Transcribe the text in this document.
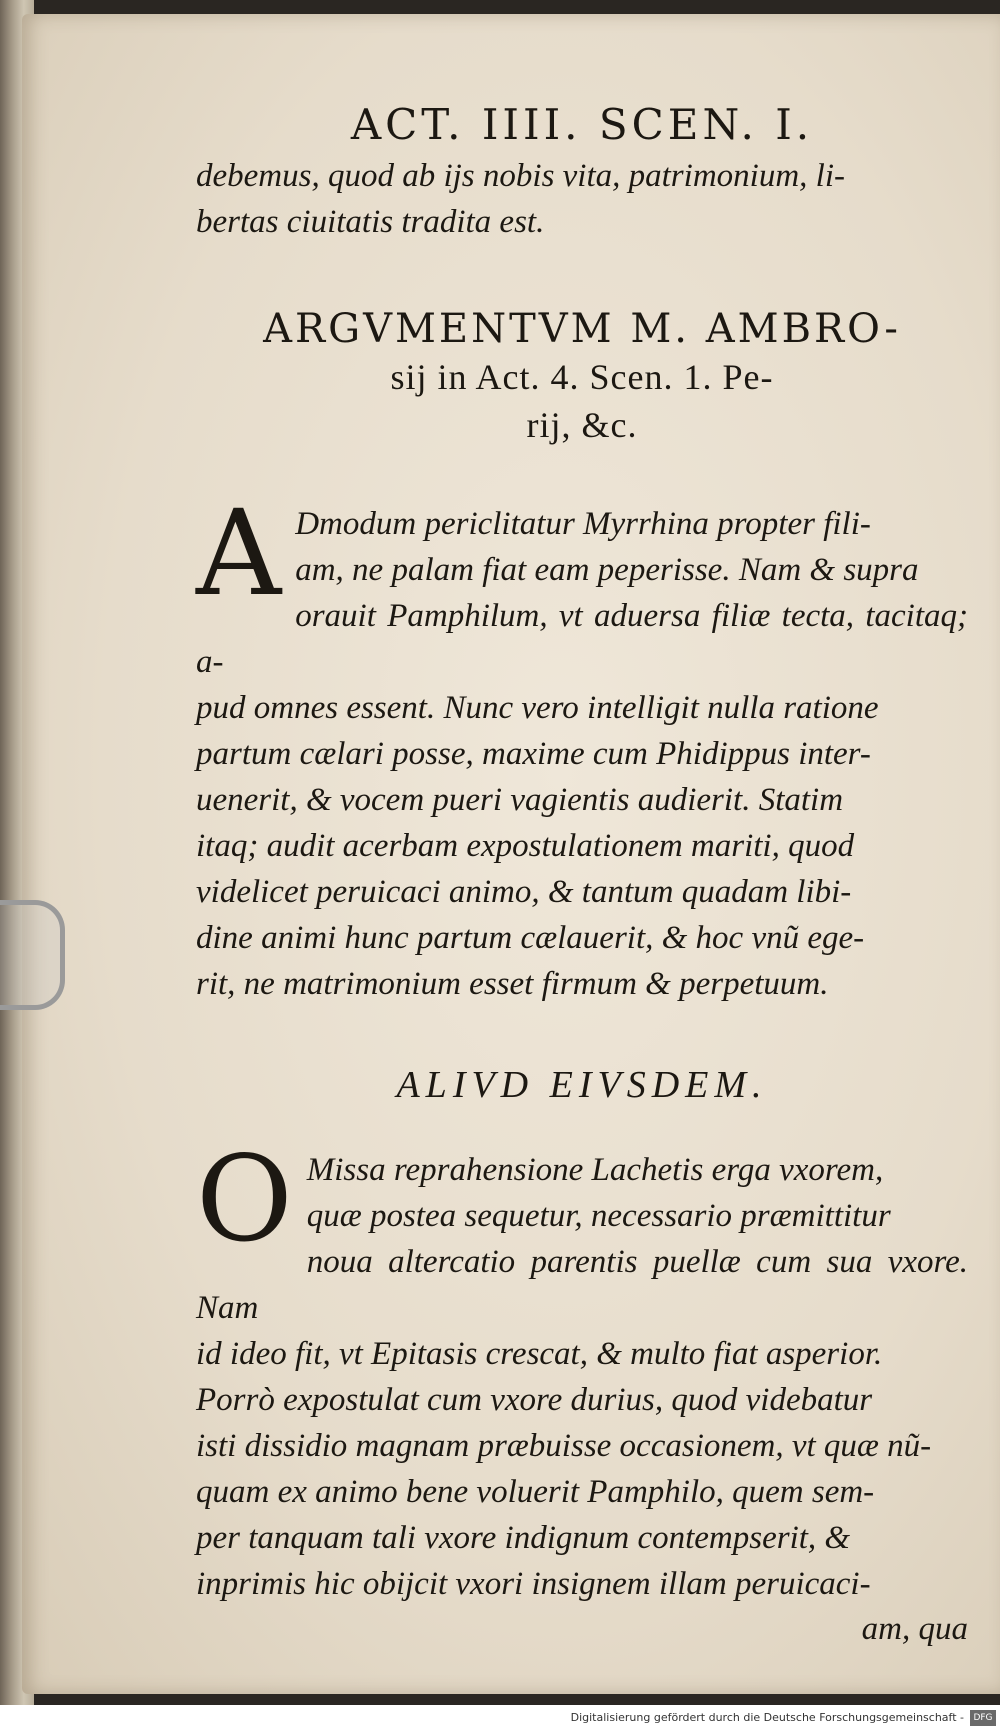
ACT. IIII. SCEN. I.

debemus, quod ab ijs nobis vita, patrimonium, li-

bertas ciuitatis tradita est.

ARGVMENTVM M. AMBRO-
sij in Act. 4. Scen. 1. Pe-
rij, &c.
A Dmodum periclitatur Myrrhina propter fili-

am, ne palam fiat eam peperisse. Nam & supra

orauit Pamphilum, vt aduersa filiæ tecta, tacitaq; a-

pud omnes essent. Nunc vero intelligit nulla ratione

partum cælari posse, maxime cum Phidippus inter-

uenerit, & vocem pueri vagientis audierit. Statim

itaq; audit acerbam expostulationem mariti, quod

videlicet peruicaci animo, & tantum quadam libi-

dine animi hunc partum cælauerit, & hoc vnũ ege-

rit, ne matrimonium esset firmum & perpetuum.

ALIVD EIVSDEM.
O Missa reprahensione Lachetis erga vxorem,

quæ postea sequetur, necessario præmittitur

noua altercatio parentis puellæ cum sua vxore. Nam

id ideo fit, vt Epitasis crescat, & multo fiat asperior.

Porrò expostulat cum vxore durius, quod videbatur

isti dissidio magnam præbuisse occasionem, vt quæ nũ-

quam ex animo bene voluerit Pamphilo, quem sem-

per tanquam tali vxore indignum contempserit, &

inprimis hic obijcit vxori insignem illam peruicaci-

am, qua
Digitalisierung gefördert durch die Deutsche Forschungsgemeinschaft -	DFG
